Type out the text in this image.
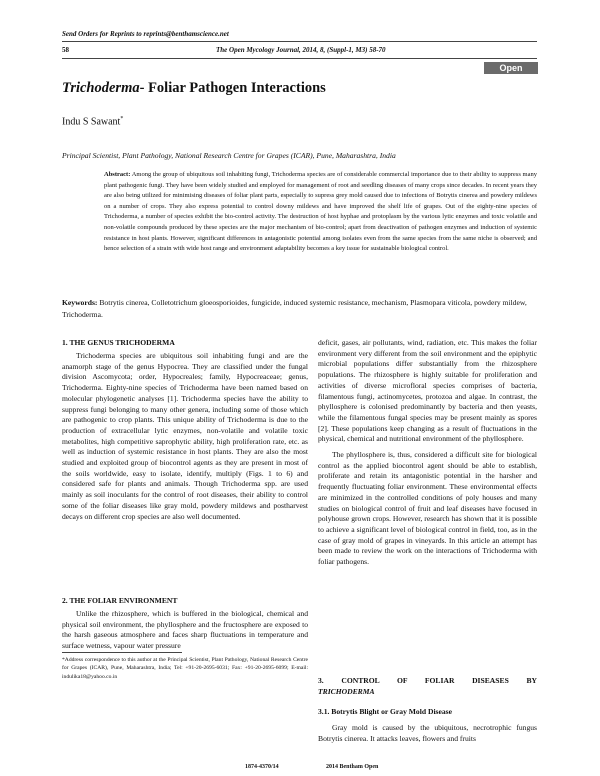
Send Orders for Reprints to reprints@benthamscience.net
58	The Open Mycology Journal, 2014, 8, (Suppl-1, M3) 58-70
Open Access
Trichoderma- Foliar Pathogen Interactions
Indu S Sawant*
Principal Scientist, Plant Pathology, National Research Centre for Grapes (ICAR), Pune, Maharashtra, India
Abstract: Among the group of ubiquitous soil inhabiting fungi, Trichoderma species are of considerable commercial importance due to their ability to suppress many plant pathogenic fungi. They have been widely studied and employed for management of root and seedling diseases of many crops since decades. In recent years they are also being utilized for minimising diseases of foliar plant parts, especially to supress grey mold caused due to infections of Botrytis cinerea and powdery mildews on a number of crops. They also express potential to control downy mildews and have improved the shelf life of grapes. Out of the eighty-nine species of Trichoderma, a number of species exhibit the bio-control activity. The destruction of host hyphae and protoplasm by the various lytic enzymes and toxic volatile and non-volatile compounds produced by these species are the major mechanism of bio-control; apart from deactivation of pathogen enzymes and induction of systemic resistance in host plants. However, significant differences in antagonistic potential among isolates even from the same species from the same niche is observed; and hence selection of a strain with wide host range and environment adaptability becomes a key issue for sustainable biological control.
Keywords: Botrytis cinerea, Colletotrichum gloeosporioides, fungicide, induced systemic resistance, mechanism, Plasmopara viticola, powdery mildew, Trichoderma.
1. THE GENUS TRICHODERMA

Trichoderma species are ubiquitous soil inhabiting fungi and are the anamorph stage of the genus Hypocrea. They are classified under the fungal division Ascomycota; order, Hypocreales; family, Hypocreaceae; genus, Trichoderma. Eighty-nine species of Trichoderma have been named based on molecular phylogenetic analyses [1]. Trichoderma species have the ability to suppress fungi belonging to many other genera, including some of those which are pathogenic to crop plants. This unique ability of Trichoderma is due to the production of extracellular lytic enzymes, non-volatile and volatile toxic metabolites, high competitive saprophytic ability, high proliferation rate, etc. as well as induction of systemic resistance in host plants. They are also the most studied and exploited group of biocontrol agents as they are present in most of the soils worldwide, easy to isolate, identify, multiply (Figs. 1 to 6) and considered safe for plants and animals. Though Trichoderma spp. are used mainly as soil inoculants for the control of root diseases, their ability to control some of the foliar diseases like gray mold, powdery mildews and postharvest decays on different crop species are also well documented.

2. THE FOLIAR ENVIRONMENT

Unlike the rhizosphere, which is buffered in the biological, chemical and physical soil environment, the phyllosphere and the fructosphere are exposed to the harsh gaseous atmosphere and faces sharp fluctuations in temperature and surface wetness, vapour water pressure

*Address correspondence to this author at the Principal Scientist, Plant Pathology, National Research Centre for Grapes (ICAR), Pune, Maharashtra, India; Tel: +91-20-2695-6031; Fax: +91-20-2695-6099; E-mail: indulika18@yahoo.co.in

deficit, gases, air pollutants, wind, radiation, etc. This makes the foliar environment very different from the soil environment and the epiphytic microbial populations differ substantially from the rhizosphere populations. The rhizosphere is highly suitable for proliferation and activities of diverse microfloral species comprises of bacteria, filamentous fungi, actinomycetes, protozoa and algae. In contrast, the phyllosphere is colonised predominantly by bacteria and then yeasts, while the filamentous fungal species may be present mainly as spores [2]. These populations keep changing as a result of fluctuations in the physical, chemical and nutritional environment of the phyllosphere.

The phyllosphere is, thus, considered a difficult site for biological control as the applied biocontrol agent should be able to establish, proliferate and retain its antagonistic potential in the harsher and frequently fluctuating foliar environment. These environmental effects are minimized in the controlled conditions of poly houses and many studies on biological control of fruit and leaf diseases have focused in polyhouse grown crops. However, research has shown that it is possible to achieve a significant level of biological control in field, too, as in the case of gray mold of grapes in vineyards. In this article an attempt has been made to review the work on the interactions of Trichoderma with foliar pathogens.

3. CONTROL OF FOLIAR DISEASES BY
TRICHODERMA
3.1. Botrytis Blight or Gray Mold Disease

Gray mold is caused by the ubiquitous, necrotrophic fungus Botrytis cinerea. It attacks leaves, flowers and fruits

1874-4370/14	2014 Bentham Open
